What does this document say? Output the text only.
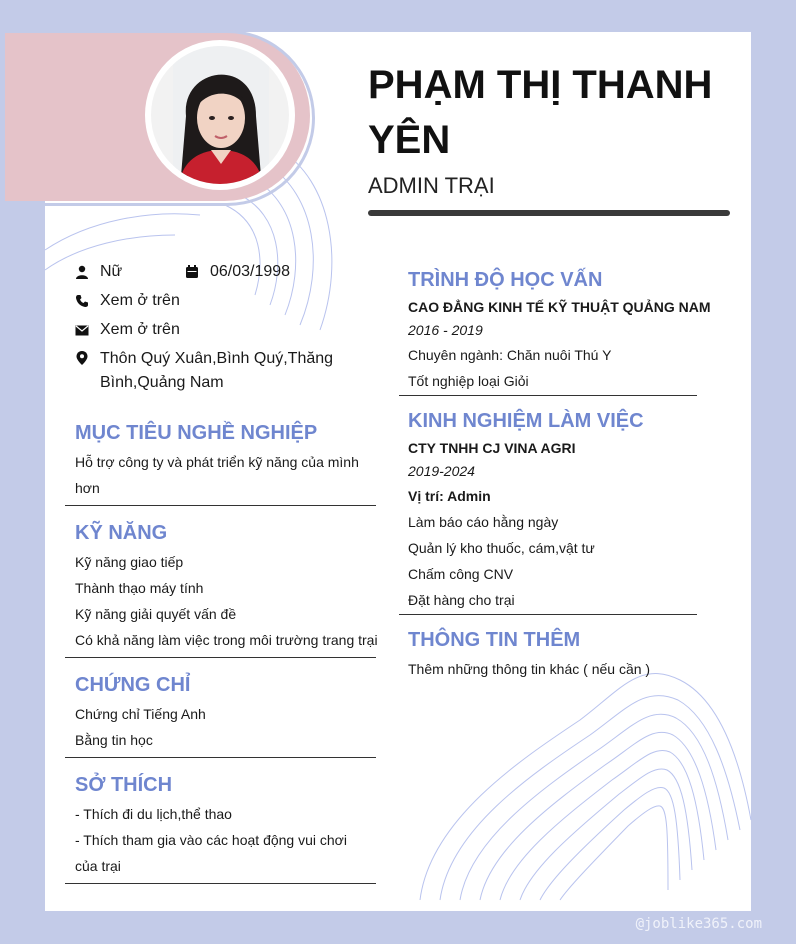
PHẠM THỊ THANH YÊN
ADMIN TRẠI
Nữ	06/03/1998
Xem ở trên
Xem ở trên
Thôn Quý Xuân,Bình Quý,Thăng
Bình,Quảng Nam
MỤC TIÊU NGHỀ NGHIỆP
Hỗ trợ công ty và phát triển kỹ năng của mình
hơn
KỸ NĂNG
Kỹ năng giao tiếp
Thành thạo máy tính
Kỹ năng giải quyết vấn đề
Có khả năng làm việc trong môi trường trang trại
CHỨNG CHỈ
Chứng chỉ Tiếng Anh
Bằng tin học
SỞ THÍCH
- Thích đi du lịch,thể thao
- Thích tham gia vào các hoạt động vui chơi
của trại
TRÌNH ĐỘ HỌC VẤN
CAO ĐẲNG KINH TẾ KỸ THUẬT QUẢNG NAM
2016 - 2019
Chuyên ngành: Chăn nuôi Thú Y
Tốt nghiệp loại Giỏi
KINH NGHIỆM LÀM VIỆC
CTY TNHH CJ VINA AGRI
2019-2024
Vị trí: Admin
Làm báo cáo hằng ngày
Quản lý kho thuốc, cám,vật tư
Chấm công CNV
Đặt hàng cho trại
THÔNG TIN THÊM
Thêm những thông tin khác ( nếu cần )
@joblike365.com
